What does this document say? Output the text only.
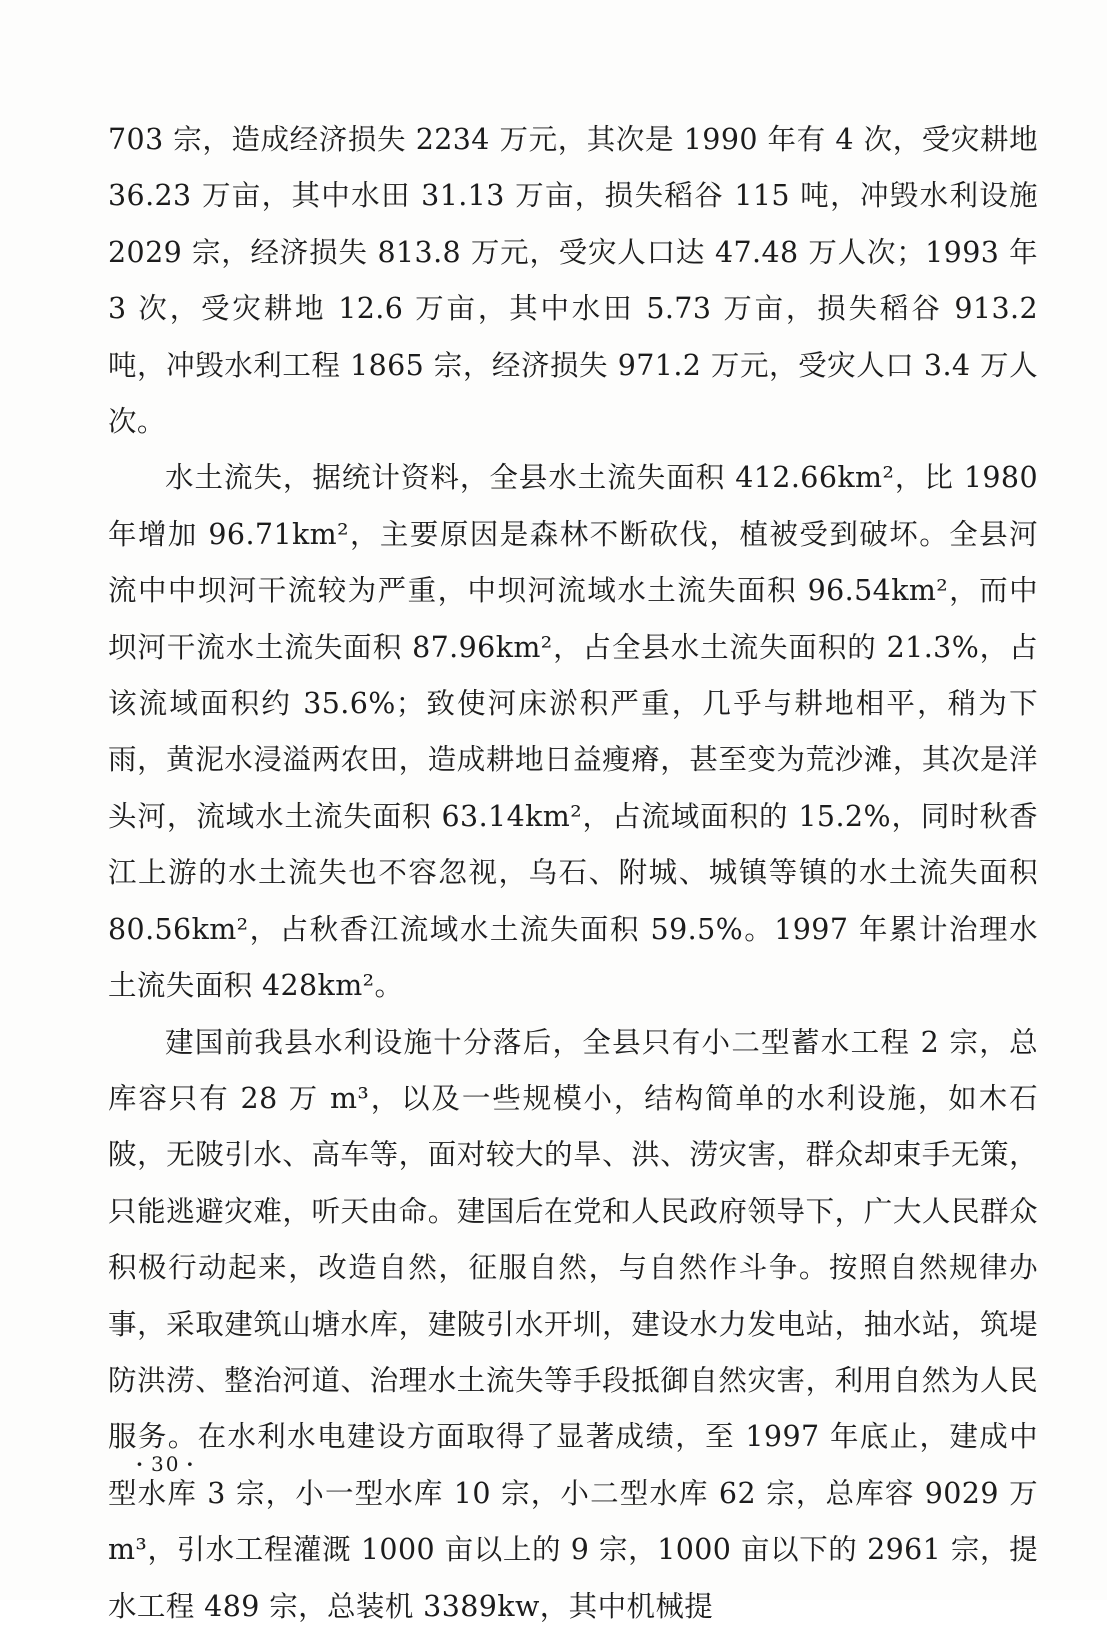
703 宗，造成经济损失 2234 万元，其次是 1990 年有 4 次，受灾耕地 36.23 万亩，其中水田 31.13 万亩，损失稻谷 115 吨，冲毁水利设施 2029 宗，经济损失 813.8 万元，受灾人口达 47.48 万人次；1993 年 3 次，受灾耕地 12.6 万亩，其中水田 5.73 万亩，损失稻谷 913.2 吨，冲毁水利工程 1865 宗，经济损失 971.2 万元，受灾人口 3.4 万人次。

水土流失，据统计资料，全县水土流失面积 412.66km²，比 1980 年增加 96.71km²，主要原因是森林不断砍伐，植被受到破坏。全县河流中中坝河干流较为严重，中坝河流域水土流失面积 96.54km²，而中坝河干流水土流失面积 87.96km²，占全县水土流失面积的 21.3%，占该流域面积约 35.6%；致使河床淤积严重，几乎与耕地相平，稍为下雨，黄泥水浸溢两农田，造成耕地日益瘦瘠，甚至变为荒沙滩，其次是洋头河，流域水土流失面积 63.14km²，占流域面积的 15.2%，同时秋香江上游的水土流失也不容忽视，乌石、附城、城镇等镇的水土流失面积 80.56km²，占秋香江流域水土流失面积 59.5%。1997 年累计治理水土流失面积 428km²。

建国前我县水利设施十分落后，全县只有小二型蓄水工程 2 宗，总库容只有 28 万 m³，以及一些规模小，结构简单的水利设施，如木石陂，无陂引水、高车等，面对较大的旱、洪、涝灾害，群众却束手无策，只能逃避灾难，听天由命。建国后在党和人民政府领导下，广大人民群众积极行动起来，改造自然，征服自然，与自然作斗争。按照自然规律办事，采取建筑山塘水库，建陂引水开圳，建设水力发电站，抽水站，筑堤防洪涝、整治河道、治理水土流失等手段抵御自然灾害，利用自然为人民服务。在水利水电建设方面取得了显著成绩，至 1997 年底止，建成中型水库 3 宗，小一型水库 10 宗，小二型水库 62 宗，总库容 9029 万 m³，引水工程灌溉 1000 亩以上的 9 宗，1000 亩以下的 2961 宗，提水工程 489 宗，总装机 3389kw，其中机械提

· 30 ·
